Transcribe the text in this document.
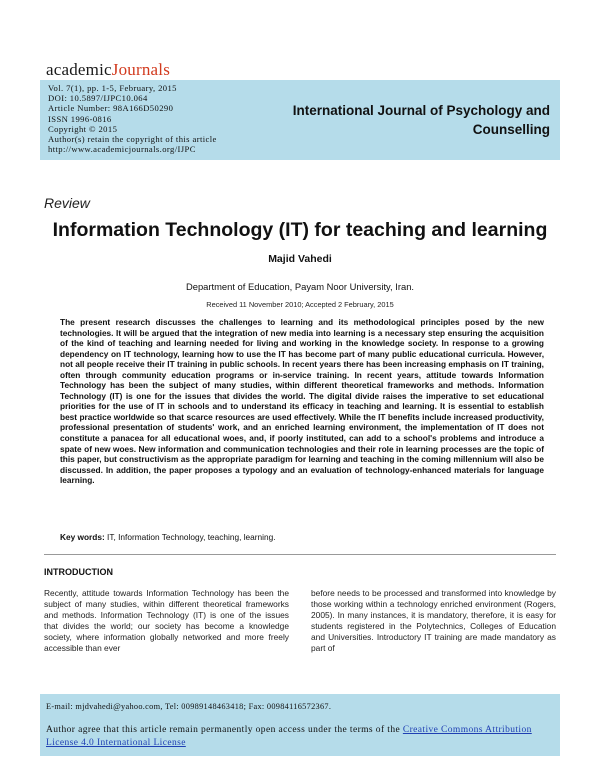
academicJournals
Vol. 7(1), pp. 1-5, February, 2015
DOI: 10.5897/IJPC10.064
Article Number: 98A166D50290
ISSN 1996-0816
Copyright © 2015
Author(s) retain the copyright of this article
http://www.academicjournals.org/IJPC
International Journal of Psychology and
Counselling
Review
Information Technology (IT) for teaching and learning
Majid Vahedi
Department of Education, Payam Noor University, Iran.
Received 11 November 2010; Accepted 2 February, 2015
The present research discusses the challenges to learning and its methodological principles posed by the new technologies. It will be argued that the integration of new media into learning is a necessary step ensuring the acquisition of the kind of teaching and learning needed for living and working in the knowledge society. In response to a growing dependency on IT technology, learning how to use the IT has become part of many public educational curricula. However, not all people receive their IT training in public schools. In recent years there has been increasing emphasis on IT training, often through community education programs or in-service training. In recent years, attitude towards Information Technology has been the subject of many studies, within different theoretical frameworks and methods. Information Technology (IT) is one for the issues that divides the world. The digital divide raises the imperative to set educational priorities for the use of IT in schools and to understand its efficacy in teaching and learning. It is essential to establish best practice worldwide so that scarce resources are used effectively. While the IT benefits include increased productivity, professional presentation of students' work, and an enriched learning environment, the implementation of IT does not constitute a panacea for all educational woes, and, if poorly instituted, can add to a school's problems and introduce a spate of new woes. New information and communication technologies and their role in learning processes are the topic of this paper, but constructivism as the appropriate paradigm for learning and teaching in the coming millennium will also be discussed. In addition, the paper proposes a typology and an evaluation of technology-enhanced materials for language learning.
Key words: IT, Information Technology, teaching, learning.
INTRODUCTION
Recently, attitude towards Information Technology has been the subject of many studies, within different theoretical frameworks and methods. Information Technology (IT) is one of the issues that divides the world; our society has become a knowledge society, where information globally networked and more freely accessible than ever
before needs to be processed and transformed into knowledge by those working within a technology enriched environment (Rogers, 2005). In many instances, it is mandatory, therefore, it is easy for students registered in the Polytechnics, Colleges of Education and Universities. Introductory IT training are made mandatory as part of
E-mail: mjdvahedi@yahoo.com, Tel: 00989148463418; Fax: 00984116572367.
Author agree that this article remain permanently open access under the terms of the Creative Commons Attribution License 4.0 International License
